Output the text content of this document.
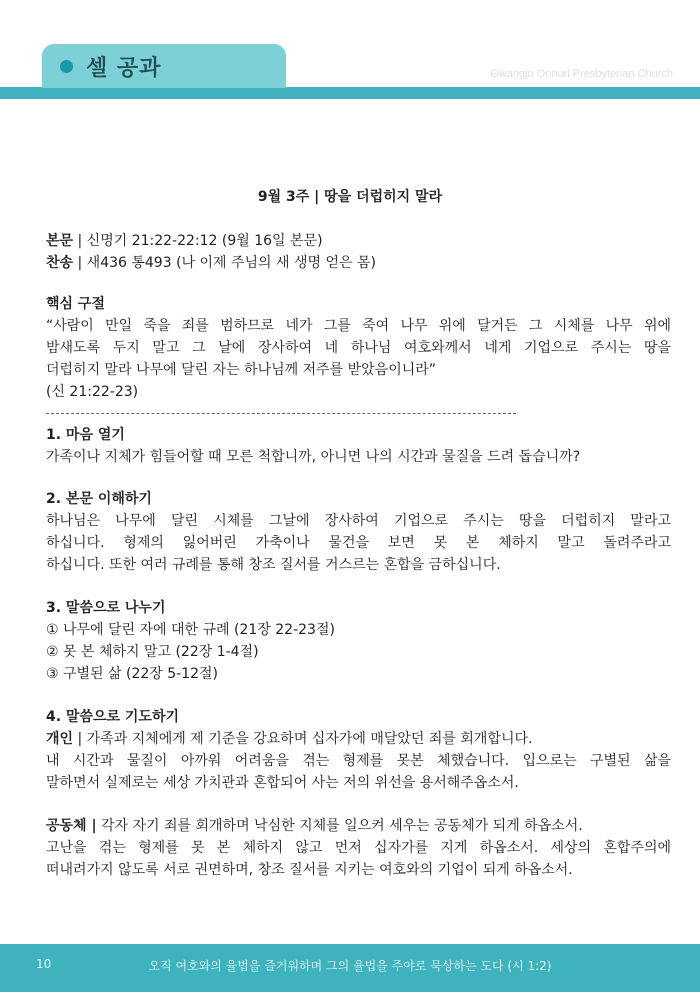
셀 공과	Gwangju Onnuri Presbyterian Church
9월 3주 | 땅을 더럽히지 말라
본문 | 신명기 21:22-22:12 (9월 16일 본문)
찬송 | 새436 통493 (나 이제 주님의 새 생명 얻은 몸)
핵심 구절
“사람이 만일 죽을 죄를 범하므로 네가 그를 죽여 나무 위에 달거든 그 시체를 나무 위에
밤새도록 두지 말고 그 날에 장사하여 네 하나님 여호와께서 네게 기업으로 주시는 땅을
더럽히지 말라 나무에 달린 자는 하나님께 저주를 받았음이니라”
(신 21:22-23)
1. 마음 열기
가족이나 지체가 힘들어할 때 모른 척합니까, 아니면 나의 시간과 물질을 드려 돕습니까?
2. 본문 이해하기
하나님은 나무에 달린 시체를 그날에 장사하여 기업으로 주시는 땅을 더럽히지 말라고
하십니다. 형제의 잃어버린 가축이나 물건을 보면 못 본 체하지 말고 돌려주라고
하십니다. 또한 여러 규례를 통해 창조 질서를 거스르는 혼합을 금하십니다.
3. 말씀으로 나누기
① 나무에 달린 자에 대한 규례 (21장 22-23절)
② 못 본 체하지 말고 (22장 1-4절)
③ 구별된 삶 (22장 5-12절)
4. 말씀으로 기도하기
개인 | 가족과 지체에게 제 기준을 강요하며 십자가에 매달았던 죄를 회개합니다.
내 시간과 물질이 아까워 어려움을 겪는 형제를 못본 체했습니다. 입으로는 구별된 삶을
말하면서 실제로는 세상 가치관과 혼합되어 사는 저의 위선을 용서해주옵소서.
공동체 | 각자 자기 죄를 회개하며 낙심한 지체를 일으켜 세우는 공동체가 되게 하옵소서.
고난을 겪는 형제를 못 본 체하지 않고 먼저 십자가를 지게 하옵소서. 세상의 혼합주의에
떠내려가지 않도록 서로 권면하며, 창조 질서를 지키는 여호와의 기업이 되게 하옵소서.
10	오직 여호와의 율법을 즐거워하며 그의 율법을 주야로 묵상하는 도다 (시 1:2)
